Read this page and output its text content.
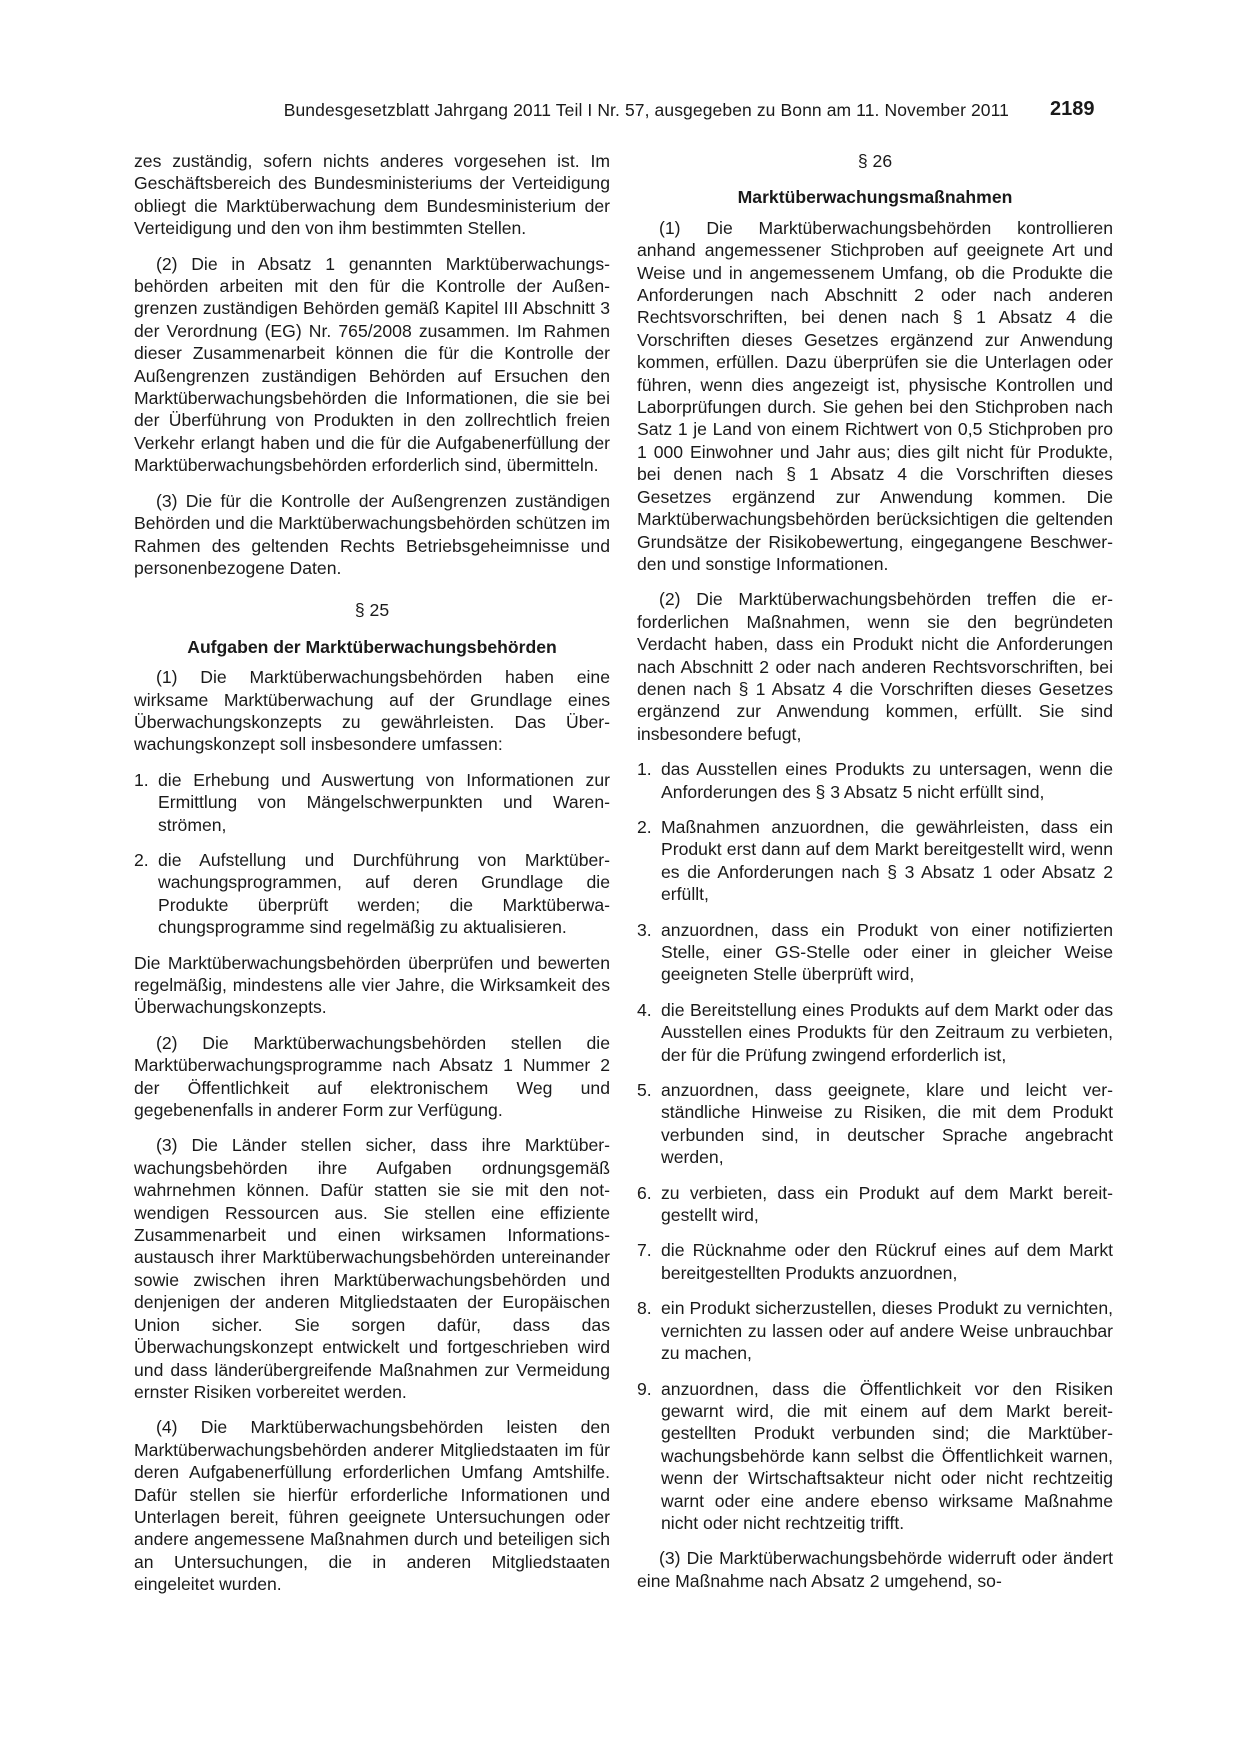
Bundesgesetzblatt Jahrgang 2011 Teil I Nr. 57, ausgegeben zu Bonn am 11. November 2011 2189

zes zuständig, sofern nichts anderes vorgesehen ist. Im Geschäftsbereich des Bundesministeriums der Verteidigung obliegt die Marktüberwachung dem Bundesministerium der Verteidigung und den von ihm bestimmten Stellen.

(2) Die in Absatz 1 genannten Marktüberwachungsbehörden arbeiten mit den für die Kontrolle der Außengrenzen zuständigen Behörden gemäß Kapitel III Abschnitt 3 der Verordnung (EG) Nr. 765/2008 zusammen. Im Rahmen dieser Zusammenarbeit können die für die Kontrolle der Außengrenzen zuständigen Behörden auf Ersuchen den Marktüberwachungsbehörden die Informationen, die sie bei der Überführung von Produkten in den zollrechtlich freien Verkehr erlangt haben und die für die Aufgabenerfüllung der Marktüberwachungsbehörden erforderlich sind, übermitteln.

(3) Die für die Kontrolle der Außengrenzen zuständigen Behörden und die Marktüberwachungsbehörden schützen im Rahmen des geltenden Rechts Betriebsgeheimnisse und personenbezogene Daten.

§ 25
Aufgaben der Marktüberwachungsbehörden

(1) Die Marktüberwachungsbehörden haben eine wirksame Marktüberwachung auf der Grundlage eines Überwachungskonzepts zu gewährleisten. Das Überwachungskonzept soll insbesondere umfassen:

1. die Erhebung und Auswertung von Informationen zur Ermittlung von Mängelschwerpunkten und Warenströmen,
2. die Aufstellung und Durchführung von Marktüberwachungsprogrammen, auf deren Grundlage die Produkte überprüft werden; die Marktüberwachungsprogramme sind regelmäßig zu aktualisieren.

Die Marktüberwachungsbehörden überprüfen und bewerten regelmäßig, mindestens alle vier Jahre, die Wirksamkeit des Überwachungskonzepts.

(2) Die Marktüberwachungsbehörden stellen die Marktüberwachungsprogramme nach Absatz 1 Nummer 2 der Öffentlichkeit auf elektronischem Weg und gegebenenfalls in anderer Form zur Verfügung.

(3) Die Länder stellen sicher, dass ihre Marktüberwachungsbehörden ihre Aufgaben ordnungsgemäß wahrnehmen können. Dafür statten sie sie mit den notwendigen Ressourcen aus. Sie stellen eine effiziente Zusammenarbeit und einen wirksamen Informationsaustausch ihrer Marktüberwachungsbehörden untereinander sowie zwischen ihren Marktüberwachungsbehörden und denjenigen der anderen Mitgliedstaaten der Europäischen Union sicher. Sie sorgen dafür, dass das Überwachungskonzept entwickelt und fortgeschrieben wird und dass länderübergreifende Maßnahmen zur Vermeidung ernster Risiken vorbereitet werden.

(4) Die Marktüberwachungsbehörden leisten den Marktüberwachungsbehörden anderer Mitgliedstaaten im für deren Aufgabenerfüllung erforderlichen Umfang Amtshilfe. Dafür stellen sie hierfür erforderliche Informationen und Unterlagen bereit, führen geeignete Untersuchungen oder andere angemessene Maßnahmen durch und beteiligen sich an Untersuchungen, die in anderen Mitgliedstaaten eingeleitet wurden.

§ 26
Marktüberwachungsmaßnahmen

(1) Die Marktüberwachungsbehörden kontrollieren anhand angemessener Stichproben auf geeignete Art und Weise und in angemessenem Umfang, ob die Produkte die Anforderungen nach Abschnitt 2 oder nach anderen Rechtsvorschriften, bei denen nach § 1 Absatz 4 die Vorschriften dieses Gesetzes ergänzend zur Anwendung kommen, erfüllen. Dazu überprüfen sie die Unterlagen oder führen, wenn dies angezeigt ist, physische Kontrollen und Laborprüfungen durch. Sie gehen bei den Stichproben nach Satz 1 je Land von einem Richtwert von 0,5 Stichproben pro 1 000 Einwohner und Jahr aus; dies gilt nicht für Produkte, bei denen nach § 1 Absatz 4 die Vorschriften dieses Gesetzes ergänzend zur Anwendung kommen. Die Marktüberwachungsbehörden berücksichtigen die geltenden Grundsätze der Risikobewertung, eingegangene Beschwerden und sonstige Informationen.

(2) Die Marktüberwachungsbehörden treffen die erforderlichen Maßnahmen, wenn sie den begründeten Verdacht haben, dass ein Produkt nicht die Anforderungen nach Abschnitt 2 oder nach anderen Rechtsvorschriften, bei denen nach § 1 Absatz 4 die Vorschriften dieses Gesetzes ergänzend zur Anwendung kommen, erfüllt. Sie sind insbesondere befugt,

1. das Ausstellen eines Produkts zu untersagen, wenn die Anforderungen des § 3 Absatz 5 nicht erfüllt sind,
2. Maßnahmen anzuordnen, die gewährleisten, dass ein Produkt erst dann auf dem Markt bereitgestellt wird, wenn es die Anforderungen nach § 3 Absatz 1 oder Absatz 2 erfüllt,
3. anzuordnen, dass ein Produkt von einer notifizierten Stelle, einer GS-Stelle oder einer in gleicher Weise geeigneten Stelle überprüft wird,
4. die Bereitstellung eines Produkts auf dem Markt oder das Ausstellen eines Produkts für den Zeitraum zu verbieten, der für die Prüfung zwingend erforderlich ist,
5. anzuordnen, dass geeignete, klare und leicht verständliche Hinweise zu Risiken, die mit dem Produkt verbunden sind, in deutscher Sprache angebracht werden,
6. zu verbieten, dass ein Produkt auf dem Markt bereitgestellt wird,
7. die Rücknahme oder den Rückruf eines auf dem Markt bereitgestellten Produkts anzuordnen,
8. ein Produkt sicherzustellen, dieses Produkt zu vernichten, vernichten zu lassen oder auf andere Weise unbrauchbar zu machen,
9. anzuordnen, dass die Öffentlichkeit vor den Risiken gewarnt wird, die mit einem auf dem Markt bereitgestellten Produkt verbunden sind; die Marktüberwachungsbehörde kann selbst die Öffentlichkeit warnen, wenn der Wirtschaftsakteur nicht oder nicht rechtzeitig warnt oder eine andere ebenso wirksame Maßnahme nicht oder nicht rechtzeitig trifft.

(3) Die Marktüberwachungsbehörde widerruft oder ändert eine Maßnahme nach Absatz 2 umgehend, so-
